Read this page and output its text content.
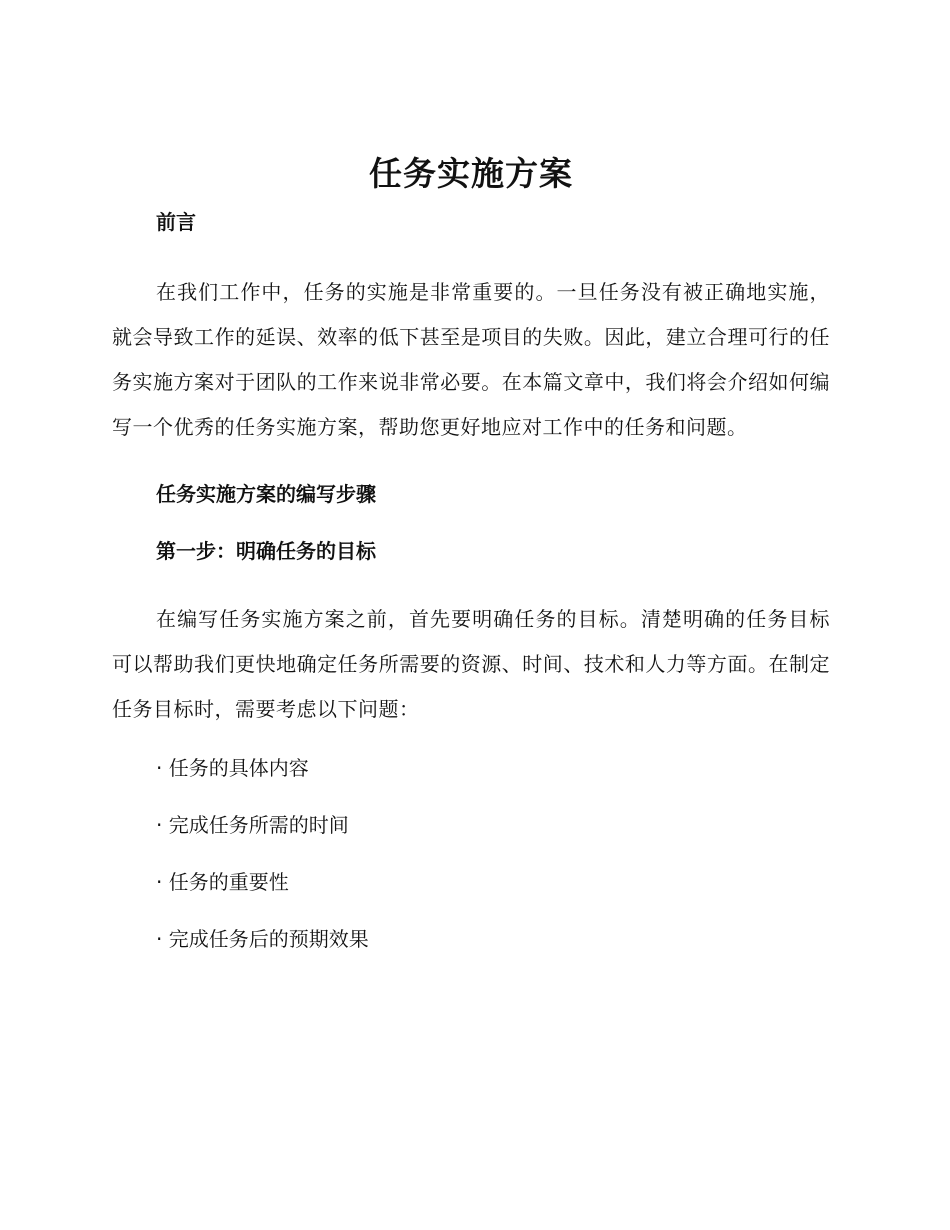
任务实施方案
前言

在我们工作中，任务的实施是非常重要的。一旦任务没有被正确地实施，就会导致工作的延误、效率的低下甚至是项目的失败。因此，建立合理可行的任务实施方案对于团队的工作来说非常必要。在本篇文章中，我们将会介绍如何编写一个优秀的任务实施方案，帮助您更好地应对工作中的任务和问题。

任务实施方案的编写步骤
第一步：明确任务的目标

在编写任务实施方案之前，首先要明确任务的目标。清楚明确的任务目标可以帮助我们更快地确定任务所需要的资源、时间、技术和人力等方面。在制定任务目标时，需要考虑以下问题：

· 任务的具体内容
· 完成任务所需的时间
· 任务的重要性
· 完成任务后的预期效果
